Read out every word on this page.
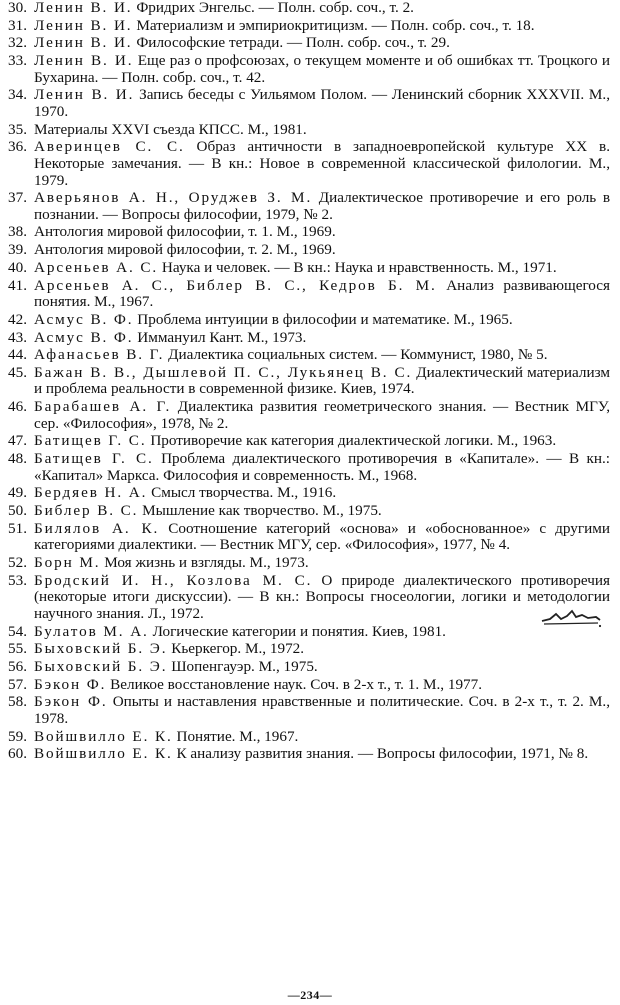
30. Ленин В. И. Фридрих Энгельс. — Полн. собр. соч., т. 2.
31. Ленин В. И. Материализм и эмпириокритицизм. — Полн. собр. соч., т. 18.
32. Ленин В. И. Философские тетради. — Полн. собр. соч., т. 29.
33. Ленин В. И. Еще раз о профсоюзах, о текущем моменте и об ошибках тт. Троцкого и Бухарина. — Полн. собр. соч., т. 42.
34. Ленин В. И. Запись беседы с Уильямом Полом. — Ленинский сборник XXXVII. М., 1970.
35. Материалы XXVI съезда КПСС. М., 1981.
36. Аверинцев С. С. Образ античности в западноевропейской культуре XX в. Некоторые замечания. — В кн.: Новое в современной классической филологии. М., 1979.
37. Аверьянов А. Н., Оруджев З. М. Диалектическое противоречие и его роль в познании. — Вопросы философии, 1979, № 2.
38. Антология мировой философии, т. 1. М., 1969.
39. Антология мировой философии, т. 2. М., 1969.
40. Арсеньев А. С. Наука и человек. — В кн.: Наука и нравственность. М., 1971.
41. Арсеньев А. С., Библер В. С., Кедров Б. М. Анализ развивающегося понятия. М., 1967.
42. Асмус В. Ф. Проблема интуиции в философии и математике. М., 1965.
43. Асмус В. Ф. Иммануил Кант. М., 1973.
44. Афанасьев В. Г. Диалектика социальных систем. — Коммунист, 1980, № 5.
45. Бажан В. В., Дышлевой П. С., Лукьянец В. С. Диалектический материализм и проблема реальности в современной физике. Киев, 1974.
46. Барабашев А. Г. Диалектика развития геометрического знания. — Вестник МГУ, сер. «Философия», 1978, № 2.
47. Батищев Г. С. Противоречие как категория диалектической логики. М., 1963.
48. Батищев Г. С. Проблема диалектического противоречия в «Капитале». — В кн.: «Капитал» Маркса. Философия и современность. М., 1968.
49. Бердяев Н. А. Смысл творчества. М., 1916.
50. Библер В. С. Мышление как творчество. М., 1975.
51. Билялов А. К. Соотношение категорий «основа» и «обоснованное» с другими категориями диалектики. — Вестник МГУ, сер. «Философия», 1977, № 4.
52. Борн М. Моя жизнь и взгляды. М., 1973.
53. Бродский И. Н., Козлова М. С. О природе диалектического противоречия (некоторые итоги дискуссии). — В кн.: Вопросы гносеологии, логики и методологии научного знания. Л., 1972.
54. Булатов М. А. Логические категории и понятия. Киев, 1981.
55. Быховский Б. Э. Кьеркегор. М., 1972.
56. Быховский Б. Э. Шопенгауэр. М., 1975.
57. Бэкон Ф. Великое восстановление наук. Соч. в 2-х т., т. 1. М., 1977.
58. Бэкон Ф. Опыты и наставления нравственные и политические. Соч. в 2-х т., т. 2. М., 1978.
59. Войшвилло Е. К. Понятие. М., 1967.
60. Войшвилло Е. К. К анализу развития знания. — Вопросы философии, 1971, № 8.
—234—
